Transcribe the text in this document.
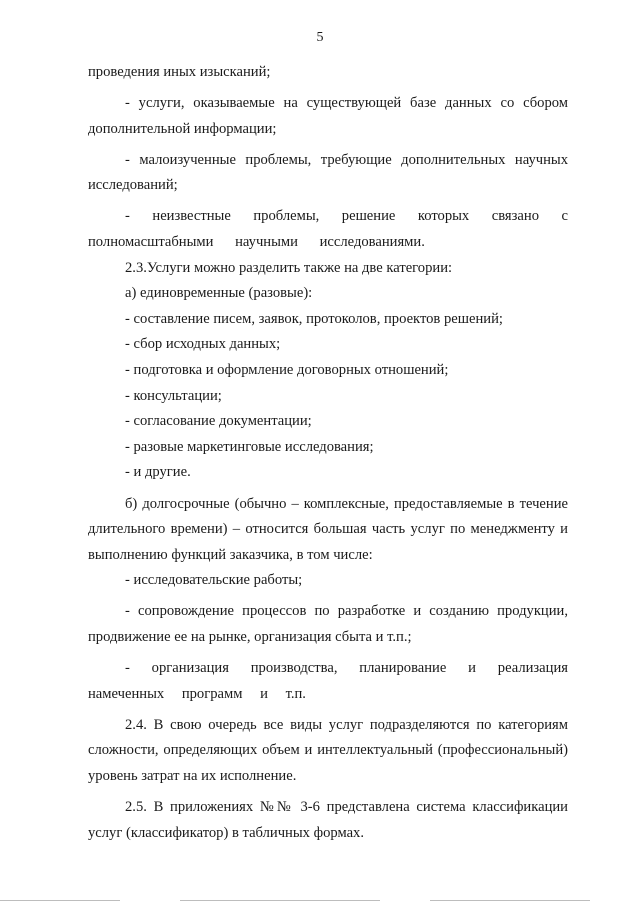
5

проведения иных изысканий;

- услуги, оказываемые на существующей базе данных со сбором дополнительной информации;

- малоизученные проблемы, требующие дополнительных научных исследований;

- неизвестные проблемы, решение которых связано с полномасштабными научными исследованиями.

2.3.Услуги можно разделить также на две категории:

а) единовременные (разовые):

- составление писем, заявок, протоколов, проектов решений;

- сбор исходных данных;

- подготовка и оформление договорных отношений;

- консультации;

- согласование документации;

- разовые маркетинговые исследования;

- и другие.

б) долгосрочные (обычно – комплексные, предоставляемые в течение длительного времени) – относится большая часть услуг по менеджменту и выполнению функций заказчика, в том числе:

- исследовательские работы;

- сопровождение процессов по разработке и созданию продукции, продвижение ее на рынке, организация сбыта и т.п.;

- организация производства, планирование и реализация намеченных программ и т.п.

2.4. В свою очередь все виды услуг подразделяются по категориям сложности, определяющих объем и интеллектуальный (профессиональный) уровень затрат на их исполнение.

2.5. В приложениях №№ 3-6 представлена система классификации услуг (классификатор) в табличных формах.
